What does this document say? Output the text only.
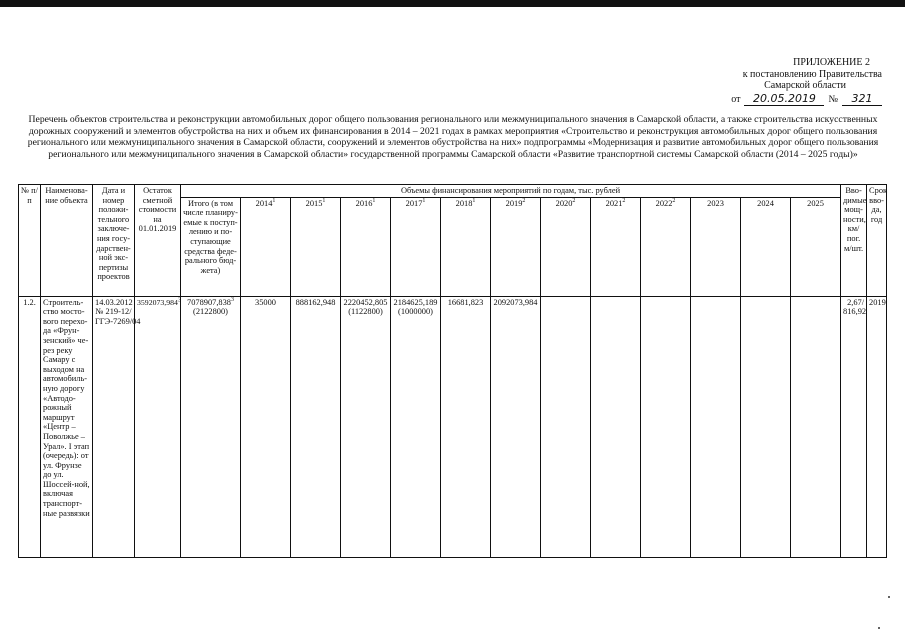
ПРИЛОЖЕНИЕ 2
к постановлению Правительства
Самарской области
от	20.05.2019	№	321
Перечень объектов строительства и реконструкции автомобильных дорог общего пользования регионального или межмуниципального значения в Самарской области, а также строительства искусственных дорожных сооружений и элементов обустройства на них и объем их финансирования в 2014 – 2021 годах в рамках мероприятия «Строительство и реконструкция автомобильных дорог общего пользования регионального или межмуниципального значения в Самарской области, сооружений и элементов обустройства на них» подпрограммы «Модернизация и развитие автомобильных дорог общего пользования регионального или межмуниципального значения в Самарской области» государственной программы Самарской области «Развитие транспортной системы Самарской области (2014 – 2025 годы)»
№ п/п	Наименова-ние объекта	Дата и номер положи-тельного заключе-ния госу-дарствен-ной экс-пертизы проектов	Остаток сметной стоимости на 01.01.2019	Объемы финансирования мероприятий по годам, тыс. рублей													Вво-димые мощ-ности, км/ пог. м/шт.	Срок вво-да, год
				Итого (в том числе планиру-емые к поступ-лению и по-ступающие средства феде-рального бюд-жета)	2014$^1$	2015$^1$	2016$^1$	2017$^1$	2018$^1$	2019$^2$	2020$^2$	2021$^2$	2022$^2$	2023	2024	2025		
1.2.	Строитель-ство мосто-вого перехо-да «Фрун-зенский» че-рез реку Самару с выходом на автомобиль-ную дорогу «Автодо-рожный маршрут «Центр – Поволжье – Урал». I этап (очередь): от ул. Фрунзе до ул. Шоссей-ной, включая транспорт-ные развязки	14.03.2012 № 219-12/ГГЭ-7269/04	3592073,984$^3$	7078907,838$^3$
(2122800)	35000	888162,948	2220452,805
(1122800)	2184625,189
(1000000)	16681,823	2092073,984							2,67/ 816,92	2019
